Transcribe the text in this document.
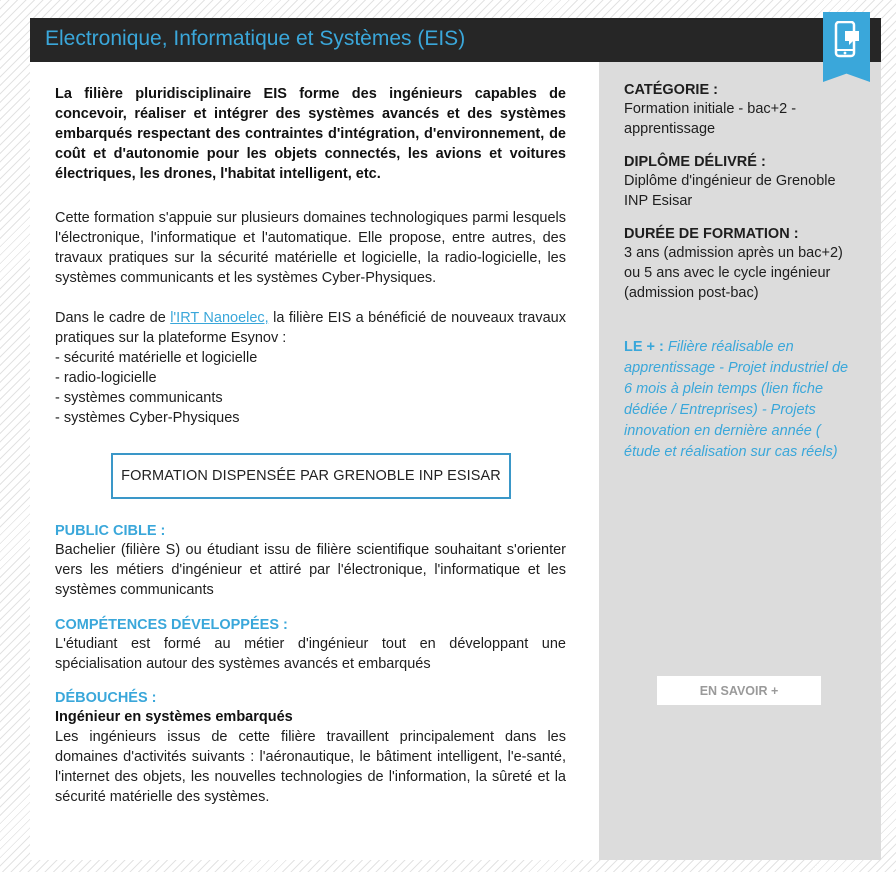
Electronique, Informatique et Systèmes (EIS)

La filière pluridisciplinaire EIS forme des ingénieurs capables de concevoir, réaliser et intégrer des systèmes avancés et des systèmes embarqués respectant des contraintes d'intégration, d'environnement, de coût et d'autonomie pour les objets connectés, les avions et voitures électriques, les drones, l'habitat intelligent, etc.

Cette formation s'appuie sur plusieurs domaines technologiques parmi lesquels l'électronique, l'informatique et l'automatique. Elle propose, entre autres, des travaux pratiques sur la sécurité matérielle et logicielle, la radio-logicielle, les systèmes communicants et les systèmes Cyber-Physiques.

Dans le cadre de l'IRT Nanoelec, la filière EIS a bénéficié de nouveaux travaux pratiques sur la plateforme Esynov :

- sécurité matérielle et logicielle
- radio-logicielle
- systèmes communicants
- systèmes Cyber-Physiques
FORMATION DISPENSÉE PAR GRENOBLE INP ESISAR

PUBLIC CIBLE :

Bachelier (filière S) ou étudiant issu de filière scientifique souhaitant s'orienter vers les métiers d'ingénieur et attiré par l'électronique, l'informatique et les systèmes communicants

COMPÉTENCES DÉVELOPPÉES :

L'étudiant est formé au métier d'ingénieur tout en développant une spécialisation autour des systèmes avancés et embarqués

DÉBOUCHÉS :

Ingénieur en systèmes embarqués

Les ingénieurs issus de cette filière travaillent principalement dans les domaines d'activités suivants : l'aéronautique, le bâtiment intelligent, l'e-santé, l'internet des objets, les nouvelles technologies de l'information, la sûreté et la sécurité matérielle des systèmes.

CATÉGORIE :

Formation initiale - bac+2 - apprentissage

DIPLÔME DÉLIVRÉ :

Diplôme d'ingénieur de Grenoble INP Esisar

DURÉE DE FORMATION :

3 ans (admission après un bac+2) ou 5 ans avec le cycle ingénieur (admission post-bac)

LE + : Filière réalisable en apprentissage - Projet industriel de 6 mois à plein temps (lien fiche dédiée / Entreprises) - Projets innovation en dernière année ( étude et réalisation sur cas réels)

EN SAVOIR +
